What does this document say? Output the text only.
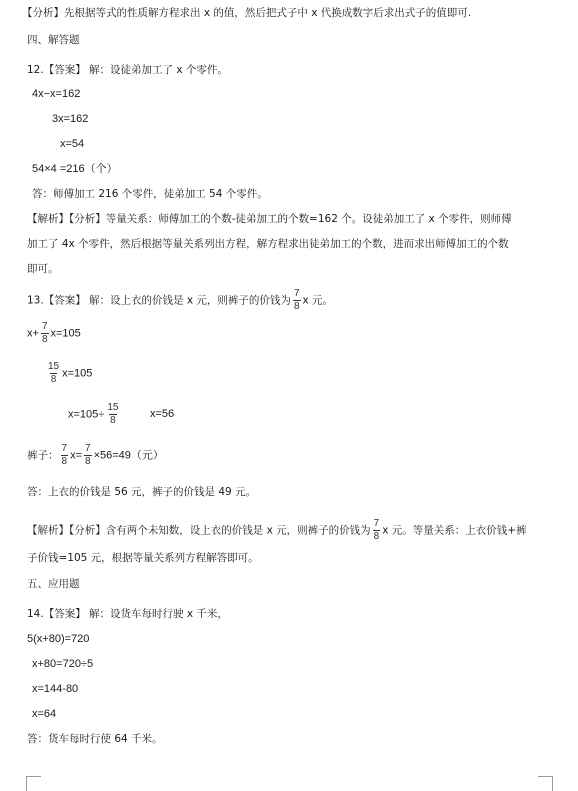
【分析】先根据等式的性质解方程求出 x 的值，然后把式子中 x 代换成数字后求出式子的值即可.
四、解答题
12.【答案】 解：设徒弟加工了 x 个零件。
4x−x=162
3x=162
x=54
54×4 =216（个）
答：师傅加工 216 个零件，徒弟加工 54 个零件。
【解析】【分析】等量关系：师傅加工的个数-徒弟加工的个数=162 个。设徒弟加工了 x 个零件，则师傅
加工了 4x 个零件，然后根据等量关系列出方程，解方程求出徒弟加工的个数，进而求出师傅加工的个数
即可。
13.【答案】 解：设上衣的价钱是 x 元，则裤子的价钱为 $\frac{7}{8}$ x 元。
$x+ \frac{7}{8} x=105$
$\frac{15}{8} x=105$
$x=105\div \frac{15}{8}$	x=56
裤子： $\frac{7}{8} x= \frac{7}{8} \times 56=49$（元）
答：上衣的价钱是 56 元，裤子的价钱是 49 元。
【解析】【分析】含有两个未知数，设上衣的价钱是 x 元，则裤子的价钱为 $\frac{7}{8}$ x 元。等量关系：上衣价钱+裤
子价钱=105 元，根据等量关系列方程解答即可。
五、应用题
14.【答案】 解：设货车每时行驶 x 千米，
5(x+80)=720
x+80=720÷5
x=144-80
x=64
答：货车每时行使 64 千米。
